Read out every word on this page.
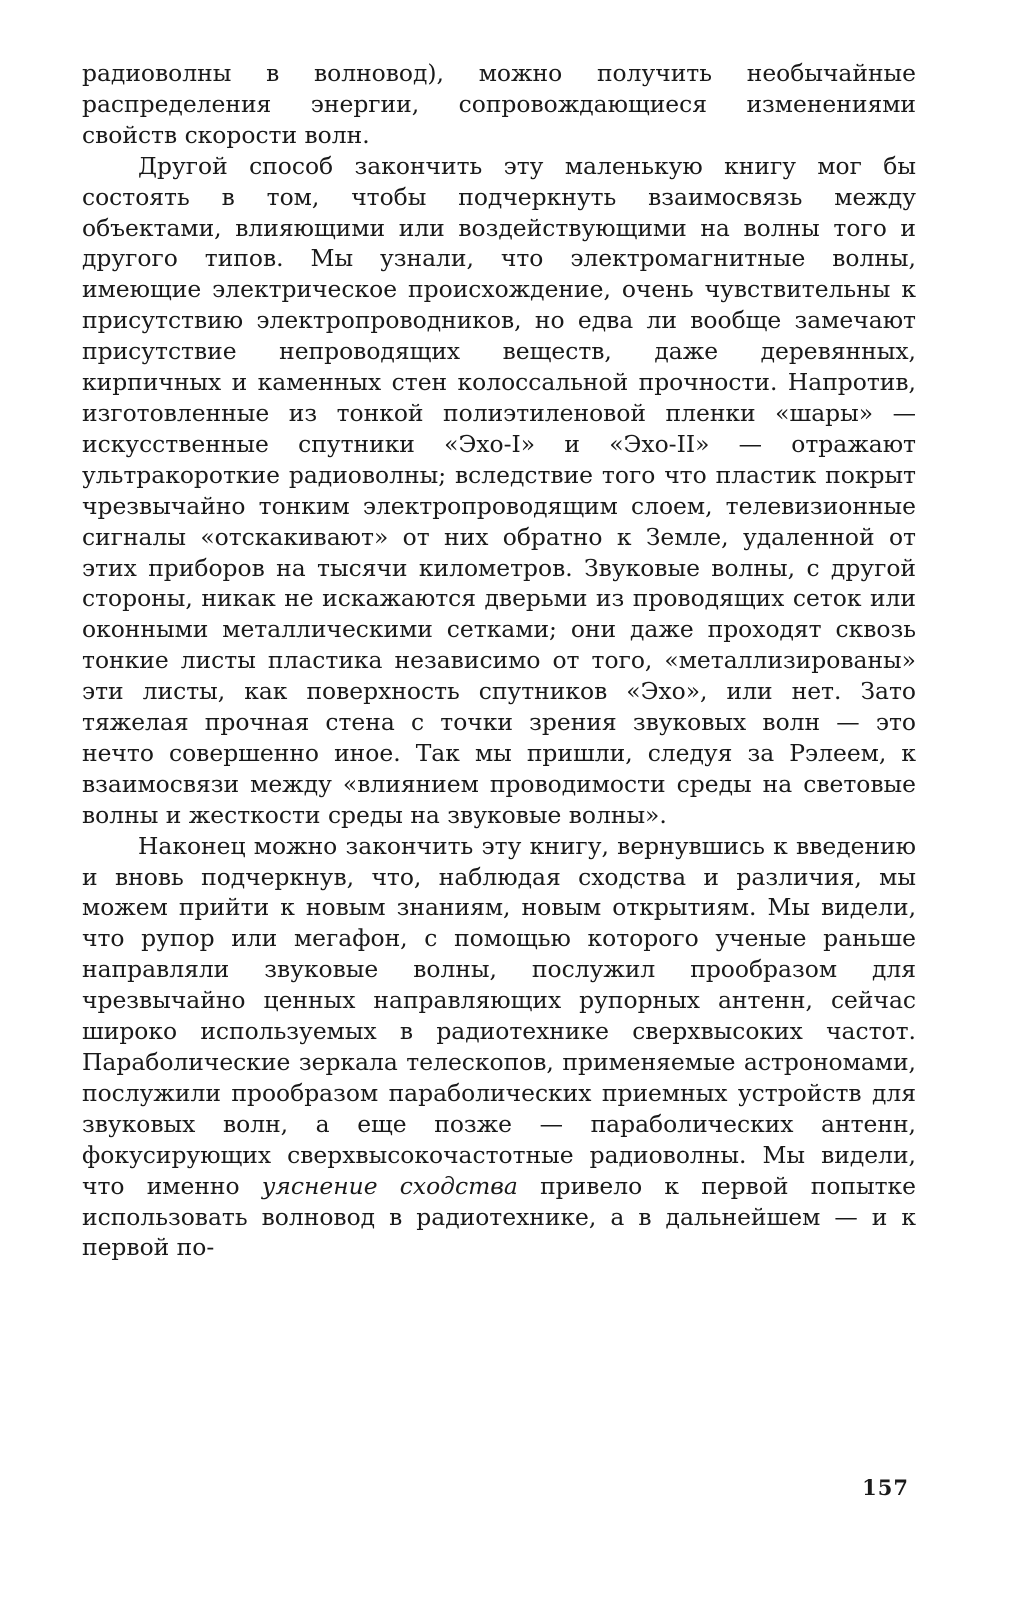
радиоволны в волновод), можно получить необычайные распределения энергии, сопровождающиеся изменениями свойств скорости волн.

Другой способ закончить эту маленькую книгу мог бы состоять в том, чтобы подчеркнуть взаимосвязь между объектами, влияющими или воздействующими на волны того и другого типов. Мы узнали, что электромагнитные волны, имеющие электрическое происхождение, очень чувствительны к присутствию электропроводников, но едва ли вообще замечают присутствие непроводящих веществ, даже деревянных, кирпичных и каменных стен колоссальной прочности. Напротив, изготовленные из тонкой полиэтиленовой пленки «шары» — искусственные спутники «Эхо-I» и «Эхо-II» — отражают ультракороткие радиоволны; вследствие того что пластик покрыт чрезвычайно тонким электропроводящим слоем, телевизионные сигналы «отскакивают» от них обратно к Земле, удаленной от этих приборов на тысячи километров. Звуковые волны, с другой стороны, никак не искажаются дверьми из проводящих сеток или оконными металлическими сетками; они даже проходят сквозь тонкие листы пластика независимо от того, «металлизированы» эти листы, как поверхность спутников «Эхо», или нет. Зато тяжелая прочная стена с точки зрения звуковых волн — это нечто совершенно иное. Так мы пришли, следуя за Рэлеем, к взаимосвязи между «влиянием проводимости среды на световые волны и жесткости среды на звуковые волны».

Наконец можно закончить эту книгу, вернувшись к введению и вновь подчеркнув, что, наблюдая сходства и различия, мы можем прийти к новым знаниям, новым открытиям. Мы видели, что рупор или мегафон, с помощью которого ученые раньше направляли звуковые волны, послужил прообразом для чрезвычайно ценных направляющих рупорных антенн, сейчас широко используемых в радиотехнике сверхвысоких частот. Параболические зеркала телескопов, применяемые астрономами, послужили прообразом параболических приемных устройств для звуковых волн, а еще позже — параболических антенн, фокусирующих сверхвысокочастотные радиоволны. Мы видели, что именно уяснение сходства привело к первой попытке использовать волновод в радиотехнике, а в дальнейшем — и к первой по-

157
